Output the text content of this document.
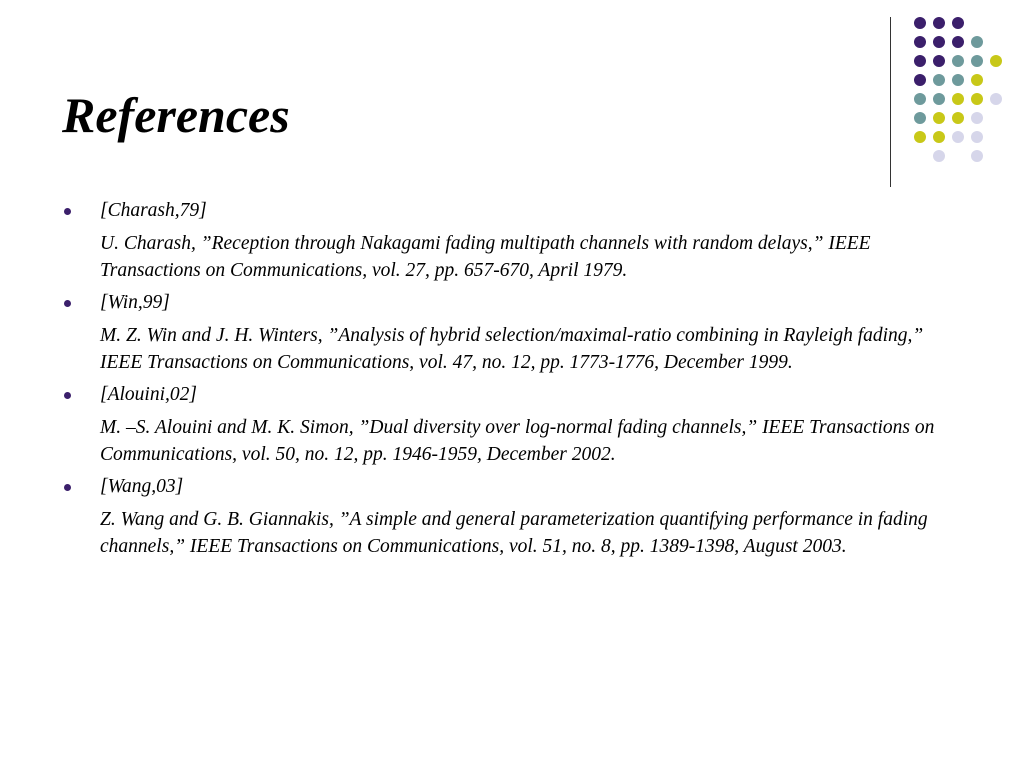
References
[Charash,79]
U. Charash, ”Reception through Nakagami fading multipath channels with random delays,” IEEE Transactions on Communications, vol. 27, pp. 657-670, April 1979.
[Win,99]
M. Z. Win and J. H. Winters, ”Analysis of hybrid selection/maximal-ratio combining in Rayleigh fading,” IEEE Transactions on Communications, vol. 47, no. 12, pp. 1773-1776, December 1999.
[Alouini,02]
M. –S. Alouini and M. K. Simon, ”Dual diversity over log-normal fading channels,” IEEE Transactions on Communications, vol. 50, no. 12, pp. 1946-1959, December 2002.
[Wang,03]
Z. Wang and G. B. Giannakis, ”A simple and general parameterization quantifying performance in fading channels,” IEEE Transactions on Communications, vol. 51, no. 8, pp. 1389-1398, August 2003.
